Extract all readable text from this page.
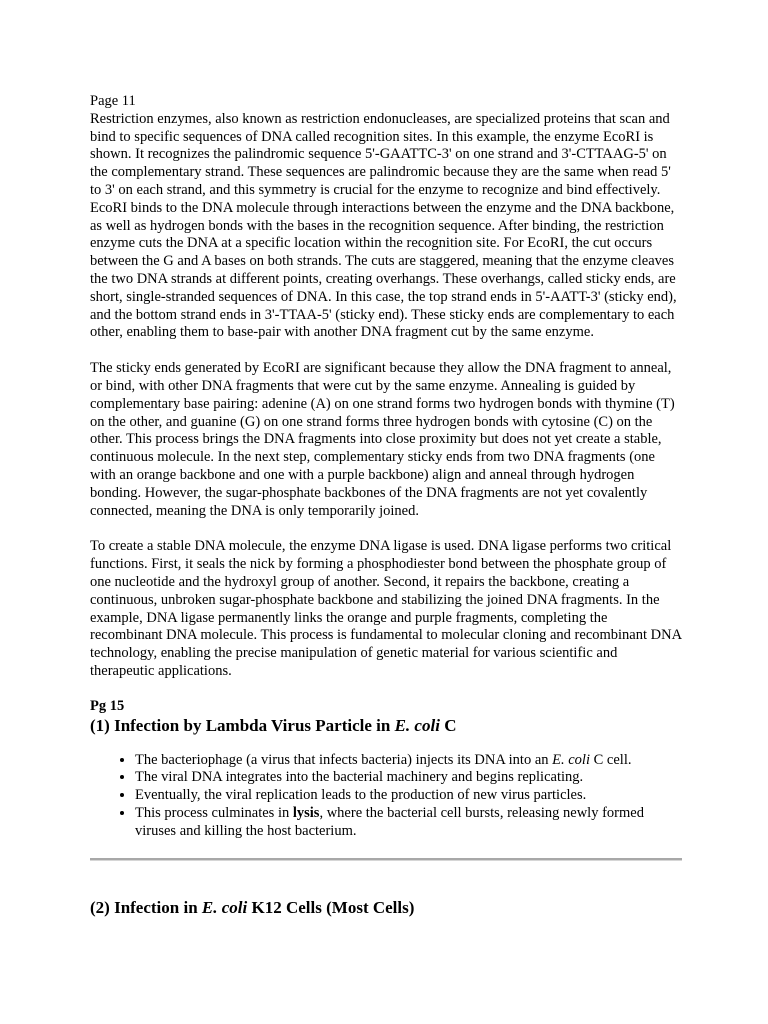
Page 11

Restriction enzymes, also known as restriction endonucleases, are specialized proteins that scan and bind to specific sequences of DNA called recognition sites. In this example, the enzyme EcoRI is shown. It recognizes the palindromic sequence 5'-GAATTC-3' on one strand and 3'-CTTAAG-5' on the complementary strand. These sequences are palindromic because they are the same when read 5' to 3' on each strand, and this symmetry is crucial for the enzyme to recognize and bind effectively. EcoRI binds to the DNA molecule through interactions between the enzyme and the DNA backbone, as well as hydrogen bonds with the bases in the recognition sequence. After binding, the restriction enzyme cuts the DNA at a specific location within the recognition site. For EcoRI, the cut occurs between the G and A bases on both strands. The cuts are staggered, meaning that the enzyme cleaves the two DNA strands at different points, creating overhangs. These overhangs, called sticky ends, are short, single-stranded sequences of DNA. In this case, the top strand ends in 5'-AATT-3' (sticky end), and the bottom strand ends in 3'-TTAA-5' (sticky end). These sticky ends are complementary to each other, enabling them to base-pair with another DNA fragment cut by the same enzyme.

The sticky ends generated by EcoRI are significant because they allow the DNA fragment to anneal, or bind, with other DNA fragments that were cut by the same enzyme. Annealing is guided by complementary base pairing: adenine (A) on one strand forms two hydrogen bonds with thymine (T) on the other, and guanine (G) on one strand forms three hydrogen bonds with cytosine (C) on the other. This process brings the DNA fragments into close proximity but does not yet create a stable, continuous molecule. In the next step, complementary sticky ends from two DNA fragments (one with an orange backbone and one with a purple backbone) align and anneal through hydrogen bonding. However, the sugar-phosphate backbones of the DNA fragments are not yet covalently connected, meaning the DNA is only temporarily joined.

To create a stable DNA molecule, the enzyme DNA ligase is used. DNA ligase performs two critical functions. First, it seals the nick by forming a phosphodiester bond between the phosphate group of one nucleotide and the hydroxyl group of another. Second, it repairs the backbone, creating a continuous, unbroken sugar-phosphate backbone and stabilizing the joined DNA fragments. In the example, DNA ligase permanently links the orange and purple fragments, completing the recombinant DNA molecule. This process is fundamental to molecular cloning and recombinant DNA technology, enabling the precise manipulation of genetic material for various scientific and therapeutic applications.

Pg 15

(1) Infection by Lambda Virus Particle in E. coli C
• The bacteriophage (a virus that infects bacteria) injects its DNA into an E. coli C cell.
• The viral DNA integrates into the bacterial machinery and begins replicating.
• Eventually, the viral replication leads to the production of new virus particles.
• This process culminates in lysis, where the bacterial cell bursts, releasing newly formed viruses and killing the host bacterium.
(2) Infection in E. coli K12 Cells (Most Cells)
